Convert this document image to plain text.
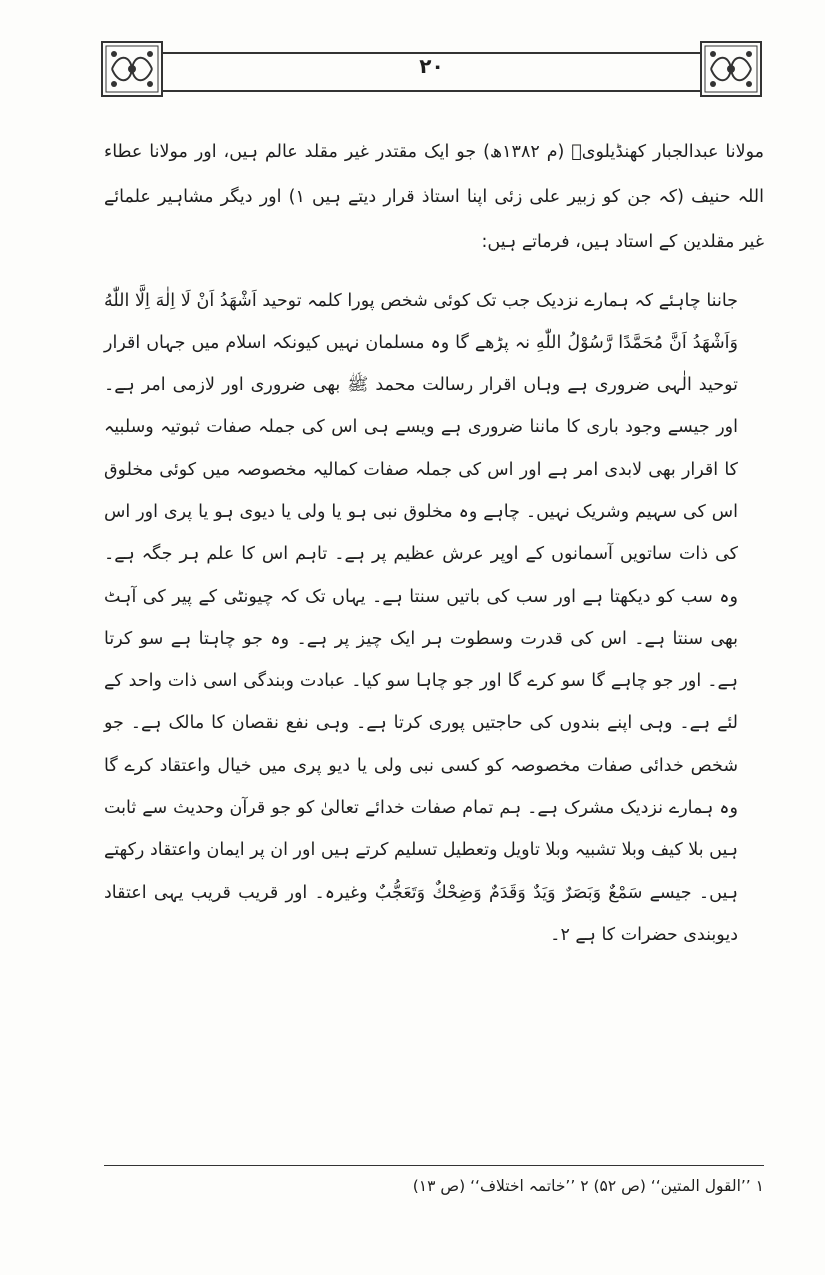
۲۰

مولانا عبدالجبار کھنڈیلویؒ (م ۱۳۸۲ھ) جو ایک مقتدر غیر مقلد عالم ہیں، اور مولانا عطاء اللہ حنیف (کہ جن کو زبیر علی زئی اپنا استاذ قرار دیتے ہیں ۱) اور دیگر مشاہیر علمائے غیر مقلدین کے استاد ہیں، فرماتے ہیں:

جاننا چاہئے کہ ہمارے نزدیک جب تک کوئی شخص پورا کلمہ توحید اَشْهَدُ اَنْ لَا اِلٰهَ اِلَّا اللّٰهُ وَاَشْهَدُ اَنَّ مُحَمَّدًا رَّسُوْلُ اللّٰهِ نہ پڑھے گا وہ مسلمان نہیں کیونکہ اسلام میں جہاں اقرار توحید الٰہی ضروری ہے وہاں اقرار رسالت محمد ﷺ بھی ضروری اور لازمی امر ہے۔ اور جیسے وجود باری کا ماننا ضروری ہے ویسے ہی اس کی جملہ صفات ثبوتیہ وسلبیہ کا اقرار بھی لابدی امر ہے اور اس کی جملہ صفات کمالیہ مخصوصہ میں کوئی مخلوق اس کی سہیم وشریک نہیں۔ چاہے وہ مخلوق نبی ہو یا ولی یا دیوی ہو یا پری اور اس کی ذات ساتویں آسمانوں کے اوپر عرش عظیم پر ہے۔ تاہم اس کا علم ہر جگہ ہے۔ وہ سب کو دیکھتا ہے اور سب کی باتیں سنتا ہے۔ یہاں تک کہ چیونٹی کے پیر کی آہٹ بھی سنتا ہے۔ اس کی قدرت وسطوت ہر ایک چیز پر ہے۔ وہ جو چاہتا ہے سو کرتا ہے۔ اور جو چاہے گا سو کرے گا اور جو چاہا سو کیا۔ عبادت وبندگی اسی ذات واحد کے لئے ہے۔ وہی اپنے بندوں کی حاجتیں پوری کرتا ہے۔ وہی نفع نقصان کا مالک ہے۔ جو شخص خدائی صفات مخصوصہ کو کسی نبی ولی یا دیو پری میں خیال واعتقاد کرے گا وہ ہمارے نزدیک مشرک ہے۔ ہم تمام صفات خدائے تعالیٰ کو جو قرآن وحدیث سے ثابت ہیں بلا کیف وبلا تشبیہ وبلا تاویل وتعطیل تسلیم کرتے ہیں اور ان پر ایمان واعتقاد رکھتے ہیں۔ جیسے سَمْعٌ وَبَصَرٌ وَيَدٌ وَقَدَمٌ وَضِحْكٌ وَتَعَجُّبٌ وغیرہ۔ اور قریب قریب یہی اعتقاد دیوبندی حضرات کا ہے ۲۔

۱ ’’القول المتین‘‘ (ص ۵۲) ۲ ’’خاتمہ اختلاف‘‘ (ص ۱۳)
